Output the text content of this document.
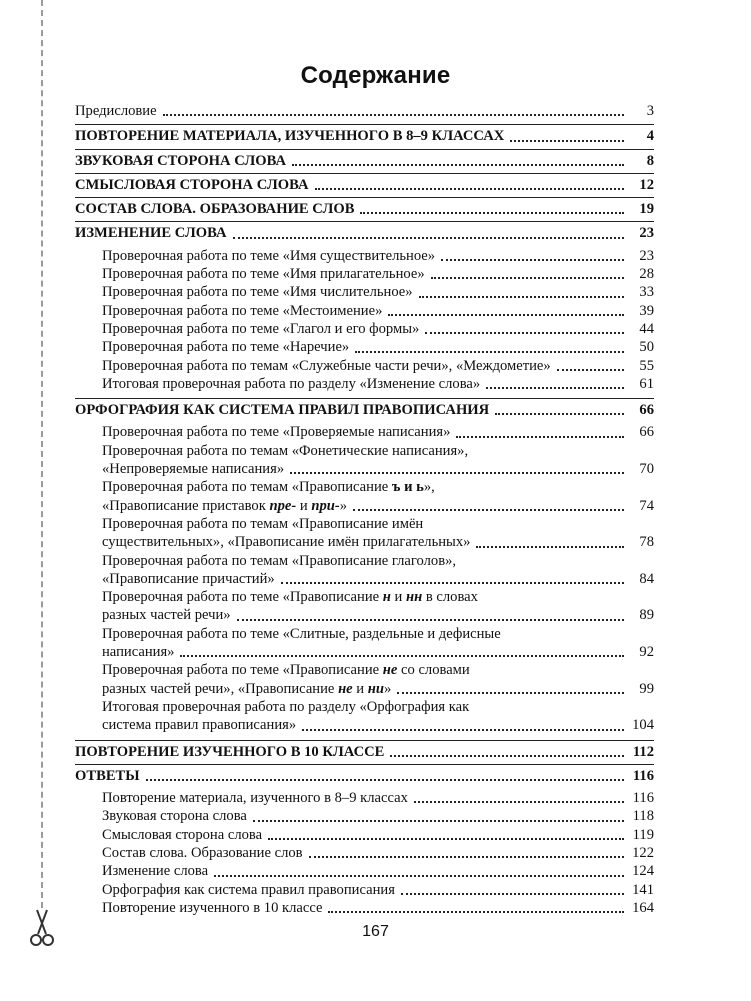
Содержание
Предисловие	3
ПОВТОРЕНИЕ МАТЕРИАЛА, ИЗУЧЕННОГО В 8–9 КЛАССАХ	4
ЗВУКОВАЯ СТОРОНА СЛОВА	8
СМЫСЛОВАЯ СТОРОНА СЛОВА	12
СОСТАВ СЛОВА. ОБРАЗОВАНИЕ СЛОВ	19
ИЗМЕНЕНИЕ СЛОВА	23
Проверочная работа по теме «Имя существительное»	23
Проверочная работа по теме «Имя прилагательное»	28
Проверочная работа по теме «Имя числительное»	33
Проверочная работа по теме «Местоимение»	39
Проверочная работа по теме «Глагол и его формы»	44
Проверочная работа по теме «Наречие»	50
Проверочная работа по темам «Служебные части речи», «Междометие»	55
Итоговая проверочная работа по разделу «Изменение слова»	61
ОРФОГРАФИЯ КАК СИСТЕМА ПРАВИЛ ПРАВОПИСАНИЯ	66
Проверочная работа по теме «Проверяемые написания»	66
Проверочная работа по темам «Фонетические написания»,
«Непроверяемые написания»	70
Проверочная работа по темам «Правописание ъ и ь»,
«Правописание приставок пре- и при-»	74
Проверочная работа по темам «Правописание имён
существительных», «Правописание имён прилагательных»	78
Проверочная работа по темам «Правописание глаголов»,
«Правописание причастий»	84
Проверочная работа по теме «Правописание н и нн в словах
разных частей речи»	89
Проверочная работа по теме «Слитные, раздельные и дефисные
написания»	92
Проверочная работа по теме «Правописание не со словами
разных частей речи», «Правописание не и ни»	99
Итоговая проверочная работа по разделу «Орфография как
система правил правописания»	104
ПОВТОРЕНИЕ ИЗУЧЕННОГО В 10 КЛАССЕ	112
ОТВЕТЫ	116
Повторение материала, изученного в 8–9 классах	116
Звуковая сторона слова	118
Смысловая сторона слова	119
Состав слова. Образование слов	122
Изменение слова	124
Орфография как система правил правописания	141
Повторение изученного в 10 классе	164
167
